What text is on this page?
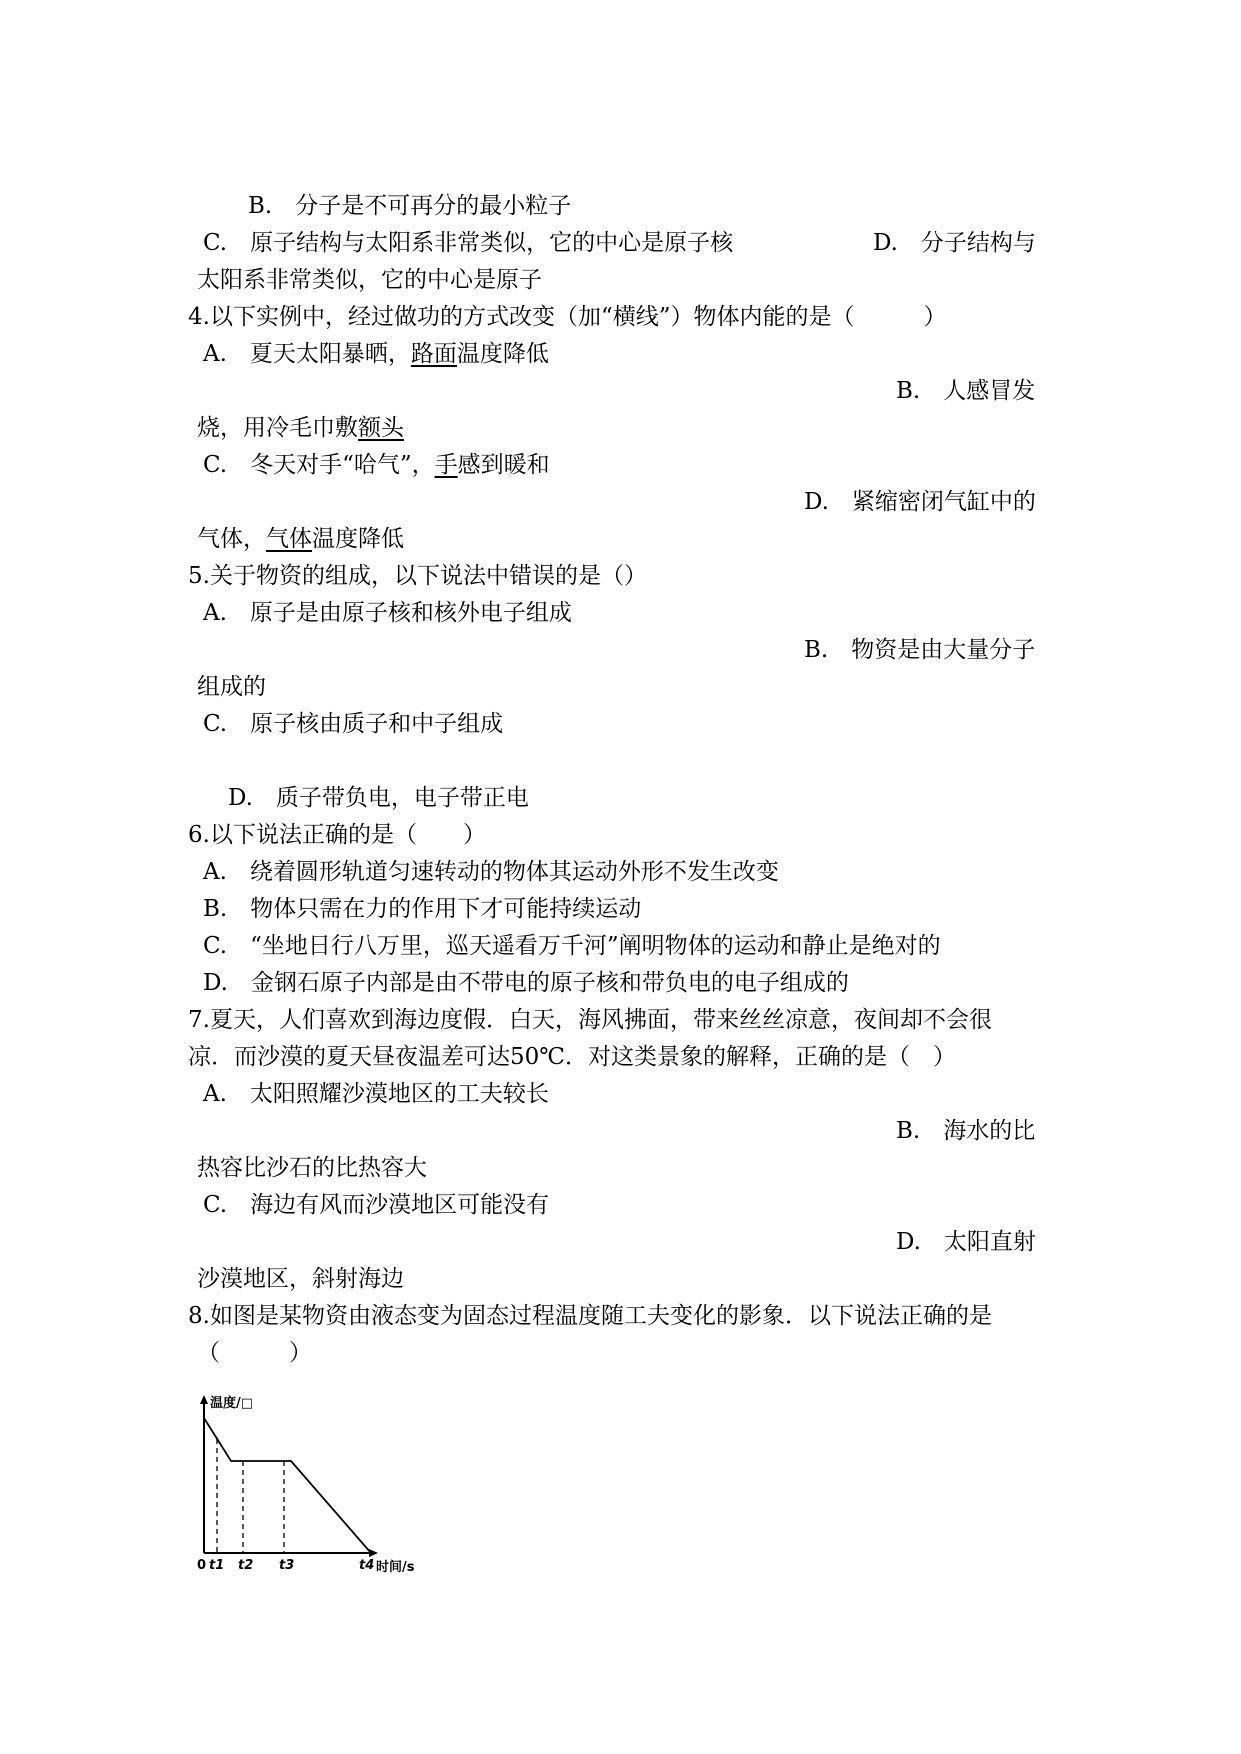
B.　分子是不可再分的最小粒子
C.　原子结构与太阳系非常类似，它的中心是原子核	D.　分子结构与
太阳系非常类似，它的中心是原子
4.以下实例中，经过做功的方式改变（加“横线”）物体内能的是（　　　）
A.　夏天太阳暴晒，路面温度降低
B.　人感冒发
烧，用冷毛巾敷额头
C.　冬天对手“哈气”，手感到暖和
D.　紧缩密闭气缸中的
气体，气体温度降低
5.关于物资的组成，以下说法中错误的是（）
A.　原子是由原子核和核外电子组成
B.　物资是由大量分子
组成的
C.　原子核由质子和中子组成
D.　质子带负电，电子带正电
6.以下说法正确的是（　　）
A.　绕着圆形轨道匀速转动的物体其运动外形不发生改变
B.　物体只需在力的作用下才可能持续运动
C.　“坐地日行八万里，巡天遥看万千河”阐明物体的运动和静止是绝对的
D.　金钢石原子内部是由不带电的原子核和带负电的电子组成的
7.夏天，人们喜欢到海边度假．白天，海风拂面，带来丝丝凉意，夜间却不会很
凉．而沙漠的夏天昼夜温差可达50℃．对这类景象的解释，正确的是（　）
A.　太阳照耀沙漠地区的工夫较长
B.　海水的比
热容比沙石的比热容大
C.　海边有风而沙漠地区可能没有
D.　太阳直射
沙漠地区，斜射海边
8.如图是某物资由液态变为固态过程温度随工夫变化的影象．以下说法正确的是
（　　　）
温度/□
时间/s
0 t1 t2 t3	t4
